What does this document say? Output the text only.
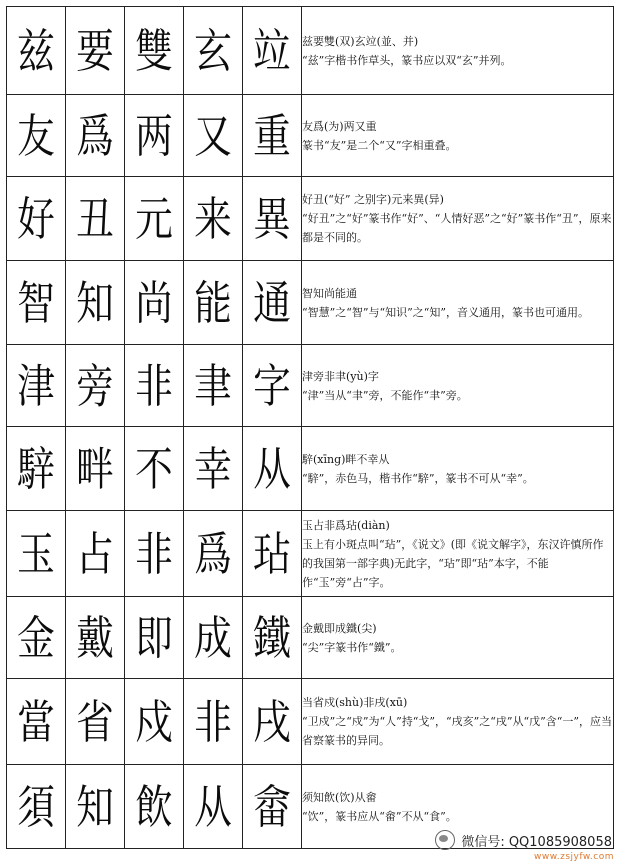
兹	要	雙	玄	竝	兹要雙(双)玄竝(並、并)
“兹”字楷书作草头，篆书应以双“玄”并列。

友	爲	两	又	重	友爲(为)两又重
篆书“友”是二个“又”字相重叠。

好	丑	元	来	異	好丑(“好” 之别字)元来異(异)
“好丑”之“好”篆书作“好”、“人情好恶”之“好”篆书作“丑”，原来都是不同的。

智	知	尚	能	通	智知尚能通
“智慧”之“智”与“知识”之“知”，音义通用，篆书也可通用。

津	旁	非	聿	字	津旁非聿(yù)字
“津”当从“聿”旁，不能作“聿”旁。

騂	畔	不	幸	从	騂(xīng)畔不幸从
“騂”，赤色马，楷书作“騂”，篆书不可从“幸”。

玉	占	非	爲	玷	玉占非爲玷(diàn)
玉上有小斑点叫“玷”，《说文》(即《说文解字》，东汉许慎所作的我国第一部字典)无此字，“玷”即“玷”本字，不能作“玉”旁“占”字。

金	戴	即	成	鐵	金戴即成鐵(尖)
“尖”字篆书作“鐵”。

當	省	戍	非	戌	当省戍(shù)非戌(xū)
“卫戍”之“戍”为“人”持“戈”，“戌亥”之“戌”从“戊”含“一”，应当省察篆书的异同。

須	知	飲	从	畲	须知飲(饮)从畲
“饮”，篆书应从“畲”不从“食”。
微信号: QQ1085908058
www.zsjyfw.com
